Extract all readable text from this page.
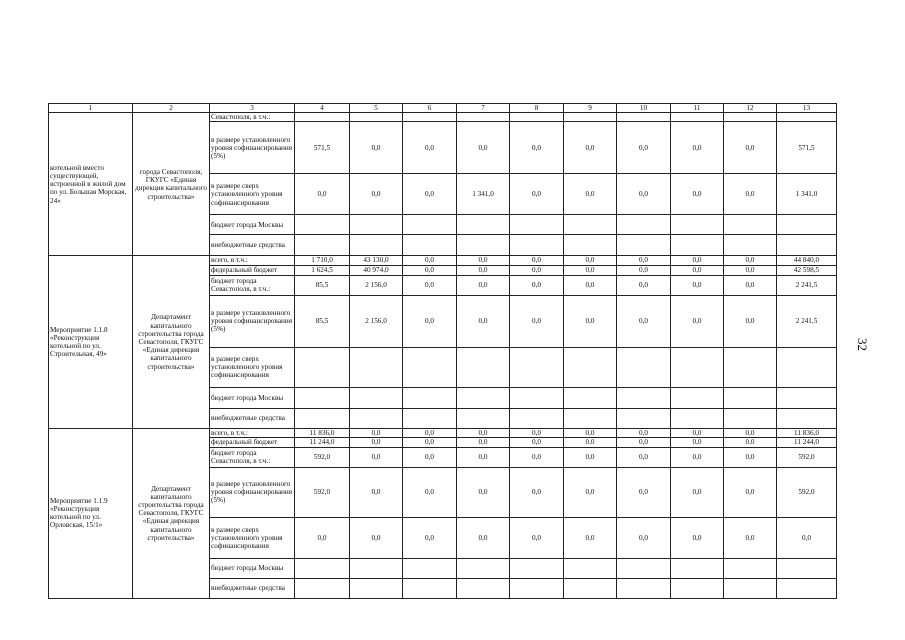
1	2	3	4	5	6	7	8	9	10	11	12	13
котельной вместо существующей, встроенной в жилой дом по ул. Большая Морская, 24»	города Севастополя, ГКУГС «Единая дирекция капитального строительства»	Севастополя, в т.ч.:										
		в размере установленного уровня софинансирования (5%)	571,5	0,0	0,0	0,0	0,0	0,0	0,0	0,0	0,0	571,5
		в размере сверх установленного уровня софинансирования	0,0	0,0	0,0	1 341,0	0,0	0,0	0,0	0,0	0,0	1 341,0
		бюджет города Москвы										
		внебюджетные средства										
Мероприятие 1.1.8 «Реконструкция котельной по ул. Строительная, 49»	Департамент капитального строительства города Севастополя, ГКУГС «Единая дирекция капитального строительства»	всего, в т.ч.:	1 710,0	43 130,0	0,0	0,0	0,0	0,0	0,0	0,0	0,0	44 840,0
		федеральный бюджет	1 624,5	40 974,0	0,0	0,0	0,0	0,0	0,0	0,0	0,0	42 598,5
		бюджет города Севастополя, в т.ч.:	85,5	2 156,0	0,0	0,0	0,0	0,0	0,0	0,0	0,0	2 241,5
		в размере установленного уровня софинансирования (5%)	85,5	2 156,0	0,0	0,0	0,0	0,0	0,0	0,0	0,0	2 241,5
		в размере сверх установленного уровня софинансирования										
		бюджет города Москвы										
		внебюджетные средства										
Мероприятие 1.1.9 «Реконструкция котельной по ул. Орловская, 15/1»	Департамент капитального строительства города Севастополя, ГКУГС «Единая дирекция капитального строительства»	всего, в т.ч.:	11 836,0	0,0	0,0	0,0	0,0	0,0	0,0	0,0	0,0	11 836,0
		федеральный бюджет	11 244,0	0,0	0,0	0,0	0,0	0,0	0,0	0,0	0,0	11 244,0
		бюджет города Севастополя, в т.ч.:	592,0	0,0	0,0	0,0	0,0	0,0	0,0	0,0	0,0	592,0
		в размере установленного уровня софинансирования (5%)	592,0	0,0	0,0	0,0	0,0	0,0	0,0	0,0	0,0	592,0
		в размере сверх установленного уровня софинансирования	0,0	0,0	0,0	0,0	0,0	0,0	0,0	0,0	0,0	0,0
		бюджет города Москвы										
		внебюджетные средства										
32
